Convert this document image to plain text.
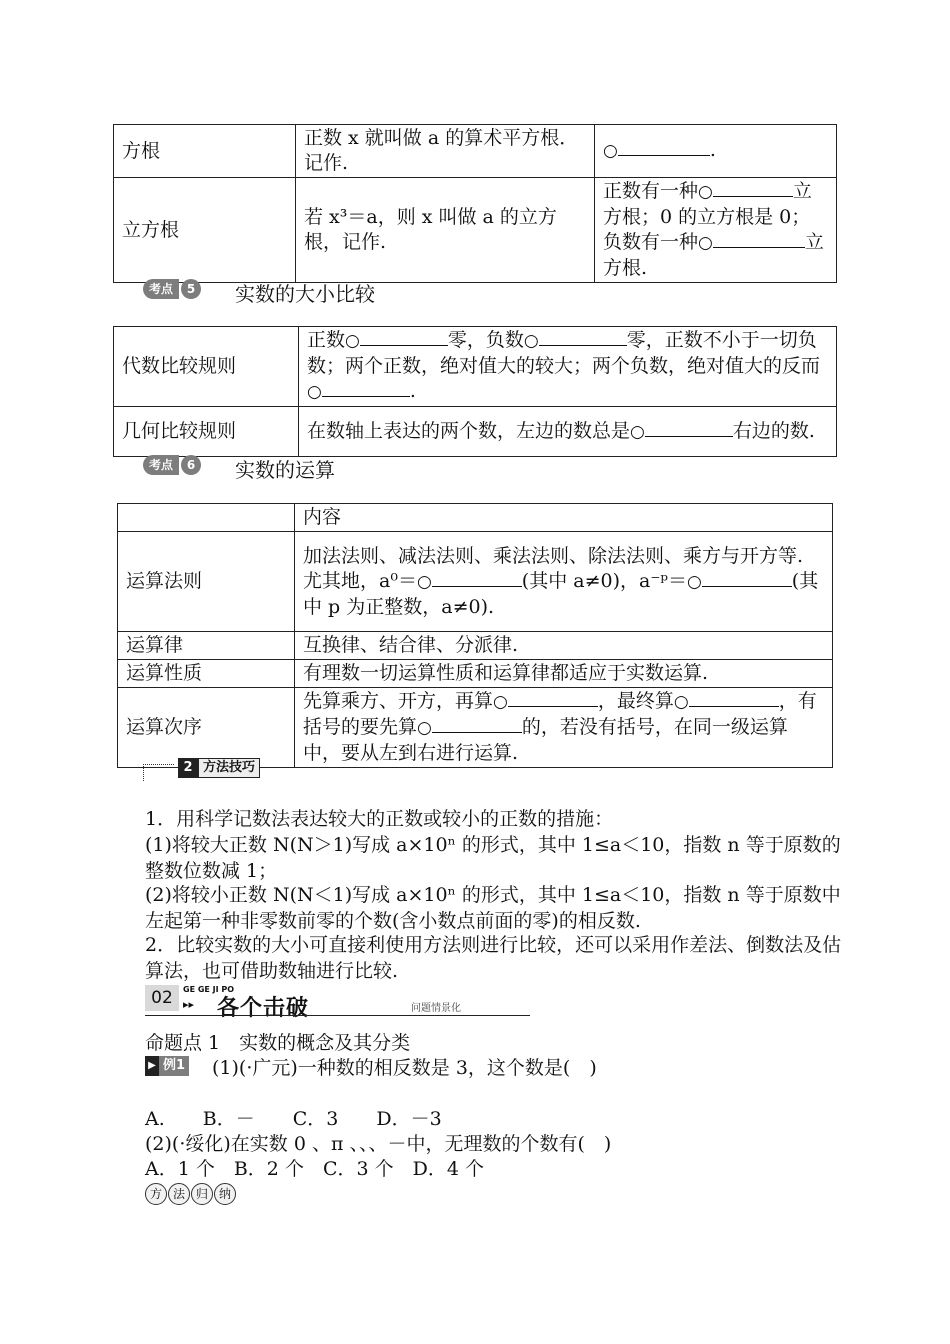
方根	正数 x 就叫做 a 的算术平方根．记作.	○ .
立方根	若 x³＝a，则 x 叫做 a 的立方根，记作.	正数有一种○ 立方根；0 的立方根是 0；负数有一种○ 立方根.
考点 5 实数的大小比较
代数比较规则	正数○ 零，负数○ 零，正数不小于一切负数；两个正数，绝对值大的较大；两个负数，绝对值大的反而○ .
几何比较规则	在数轴上表达的两个数，左边的数总是○ 右边的数.
考点 6 实数的运算
	内容
运算法则	加法法则、减法法则、乘法法则、除法法则、乘方与开方等.
尤其地，a⁰＝○ (其中 a≠0)，a⁻ᵖ＝○ (其中 p 为正整数，a≠0).
运算律	互换律、结合律、分派律.
运算性质	有理数一切运算性质和运算律都适应于实数运算.
运算次序	先算乘方、开方，再算○ ，最终算○ ，有括号的要先算○ 的，若没有括号，在同一级运算中，要从左到右进行运算.
2 方法技巧
1．用科学记数法表达较大的正数或较小的正数的措施：
(1)将较大正数 N(N＞1)写成 a×10ⁿ 的形式，其中 1≤a＜10，指数 n 等于原数的整数位数减 1；
(2)将较小正数 N(N＜1)写成 a×10ⁿ 的形式，其中 1≤a＜10，指数 n 等于原数中左起第一种非零数前零的个数(含小数点前面的零)的相反数.
2．比较实数的大小可直接利使用方法则进行比较，还可以采用作差法、倒数法及估算法，也可借助数轴进行比较.
02	GE GE JI PO
▸▸ 各个击破	问题情景化
命题点 1　实数的概念及其分类
▶ 例1 (1)(·广元)一种数的相反数是 3，这个数是(　)
A.　　B．－　　C．3　　D．－3
(2)(·绥化)在实数 0 、π 、、、－中，无理数的个数有(　)
A．1 个　B．2 个　C．3 个　D．4 个
方 法 归 纳
